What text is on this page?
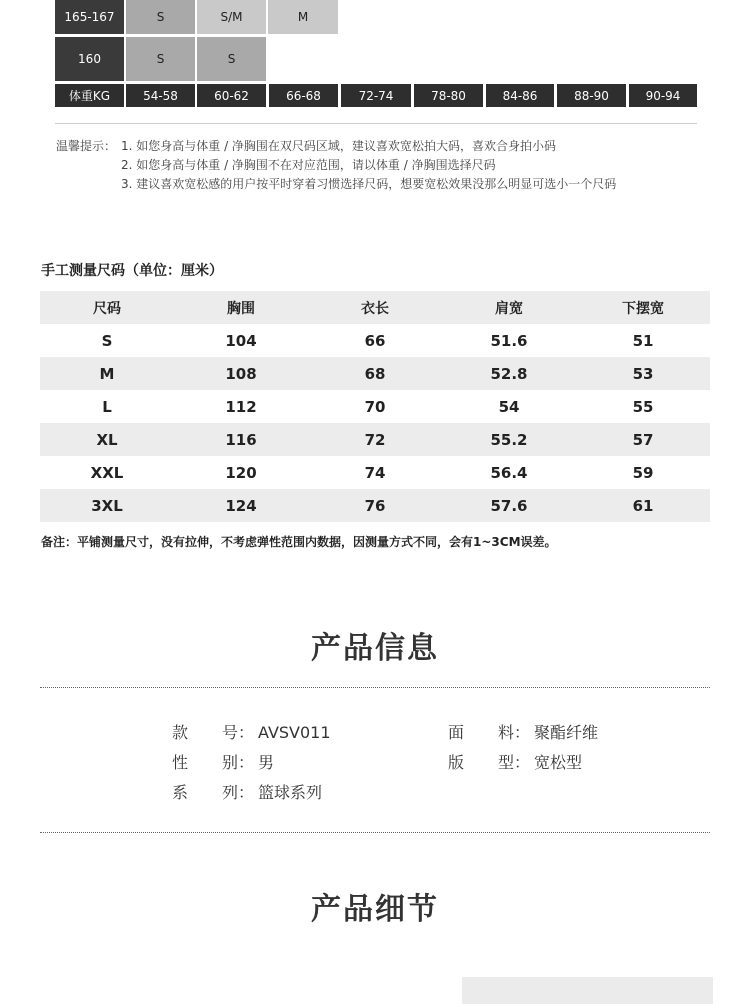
165-167	S	S/M	M
160	S	S
体重KG	54-58	60-62	66-68	72-74	78-80	84-86	88-90	90-94
温馨提示： 1. 如您身高与体重 / 净胸围在双尺码区域，建议喜欢宽松拍大码，喜欢合身拍小码
2. 如您身高与体重 / 净胸围不在对应范围，请以体重 / 净胸围选择尺码
3. 建议喜欢宽松感的用户按平时穿着习惯选择尺码，想要宽松效果没那么明显可选小一个尺码
手工测量尺码（单位：厘米）
尺码	胸围	衣长	肩宽	下摆宽
S	104	66	51.6	51
M	108	68	52.8	53
L	112	70	54	55
XL	116	72	55.2	57
XXL	120	74	56.4	59
3XL	124	76	57.6	61
备注：平铺测量尺寸，没有拉伸，不考虑弹性范围内数据，因测量方式不同，会有1~3CM误差。
产品信息
款　　号： AVSV011	面　　料： 聚酯纤维
性　　别： 男	版　　型： 宽松型
系　　列： 篮球系列
产品细节
